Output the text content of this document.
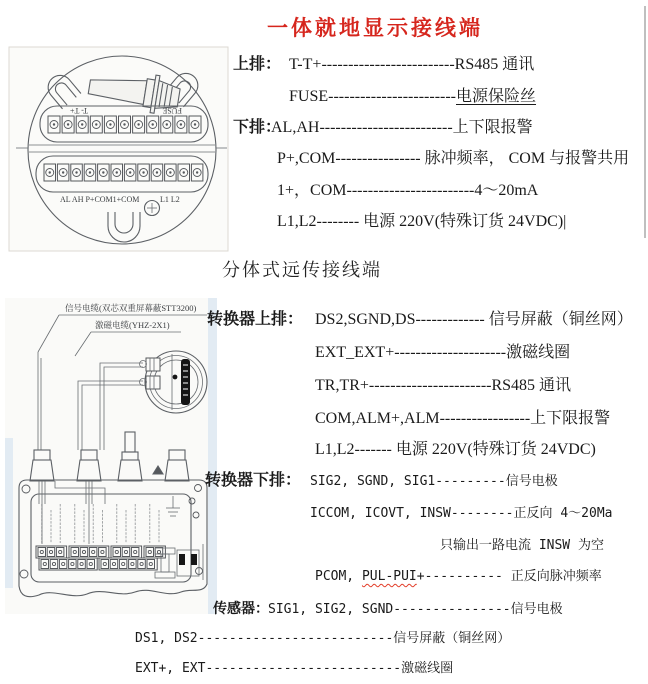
一体就地显示接线端
T- T+	FUSE
AL AH P+COM1+COM	L1 L2
上排： T-T+-------------------------RS485 通讯
FUSE------------------------电源保险丝
下排：AL,AH-------------------------上下限报警
P+,COM---------------- 脉冲频率， COM 与报警共用
1+，COM------------------------4～20mA
L1,L2-------- 电源 220V(特殊订货 24VDC)|
分体式远传接线端
信号电缆(双芯双重屏幕蔽STT3200)
激磁电缆(YHZ-2X1) 转换器上排： DS2,SGND,DS------------- 信号屏蔽（铜丝网）
EXT_EXT+---------------------激磁线圈
TR,TR+-----------------------RS485 通讯
COM,ALM+,ALM-----------------上下限报警
L1,L2------- 电源 220V(特殊订货 24VDC)
转换器下排： SIG2, SGND, SIG1---------信号电极
ICCOM, ICOVT, INSW--------正反向 4～20Ma
只输出一路电流 INSW 为空
PCOM, PUL-PUI+---------- 正反向脉冲频率
传感器：SIG1, SIG2, SGND---------------信号电极
DS1, DS2-------------------------信号屏蔽（铜丝网）
EXT+, EXT-------------------------激磁线圈
